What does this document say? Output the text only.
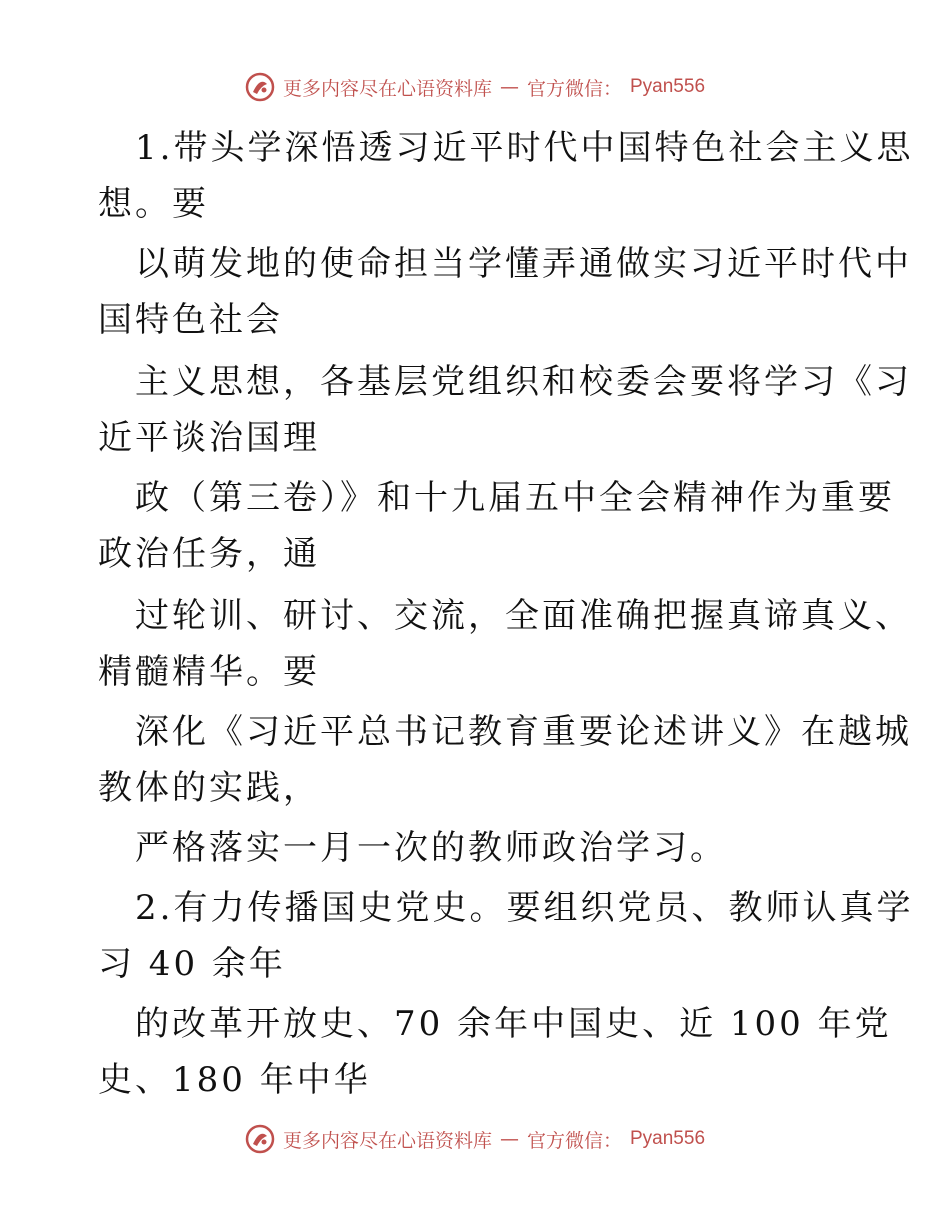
更多内容尽在心语资料库 — 官方微信： Pyan556
1.带头学深悟透习近平时代中国特色社会主义思
想。要
以萌发地的使命担当学懂弄通做实习近平时代中
国特色社会
主义思想，各基层党组织和校委会要将学习《习
近平谈治国理
政（第三卷）》和十九届五中全会精神作为重要
政治任务，通
过轮训、研讨、交流，全面准确把握真谛真义、
精髓精华。要
深化《习近平总书记教育重要论述讲义》在越城
教体的实践，
严格落实一月一次的教师政治学习。
2.有力传播国史党史。要组织党员、教师认真学
习 40 余年
的改革开放史、70 余年中国史、近 100 年党
史、180 年中华
更多内容尽在心语资料库 — 官方微信： Pyan556
